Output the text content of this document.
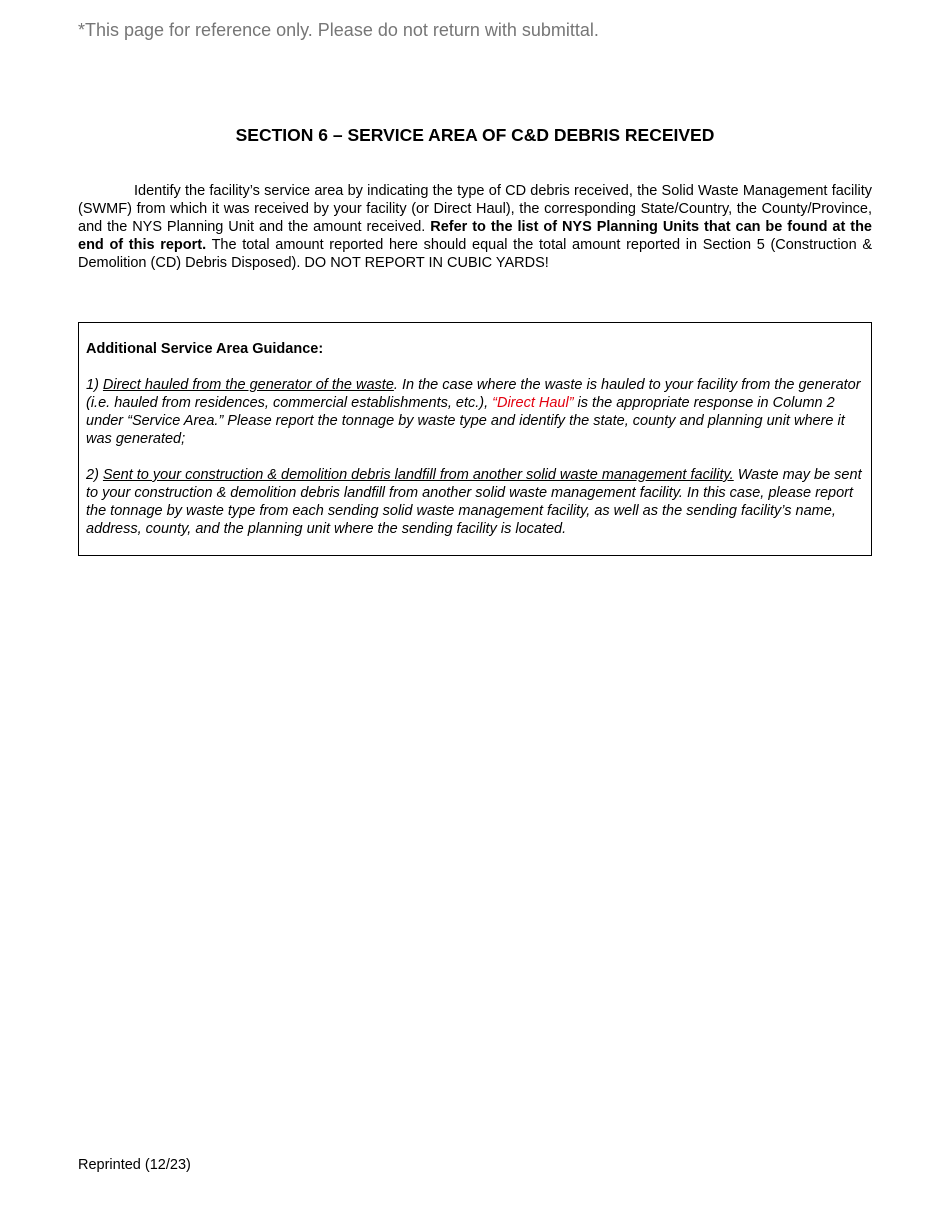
*This page for reference only. Please do not return with submittal.
SECTION 6 – SERVICE AREA OF C&D DEBRIS RECEIVED

Identify the facility’s service area by indicating the type of CD debris received, the Solid Waste Management facility (SWMF) from which it was received by your facility (or Direct Haul), the corresponding State/Country, the County/Province, and the NYS Planning Unit and the amount received. Refer to the list of NYS Planning Units that can be found at the end of this report. The total amount reported here should equal the total amount reported in Section 5 (Construction & Demolition (CD) Debris Disposed). DO NOT REPORT IN CUBIC YARDS!

Additional Service Area Guidance:

1) Direct hauled from the generator of the waste. In the case where the waste is hauled to your facility from the generator (i.e. hauled from residences, commercial establishments, etc.), “Direct Haul” is the appropriate response in Column 2 under “Service Area.” Please report the tonnage by waste type and identify the state, county and planning unit where it was generated;

2) Sent to your construction & demolition debris landfill from another solid waste management facility. Waste may be sent to your construction & demolition debris landfill from another solid waste management facility. In this case, please report the tonnage by waste type from each sending solid waste management facility, as well as the sending facility’s name, address, county, and the planning unit where the sending facility is located.

Reprinted (12/23)
